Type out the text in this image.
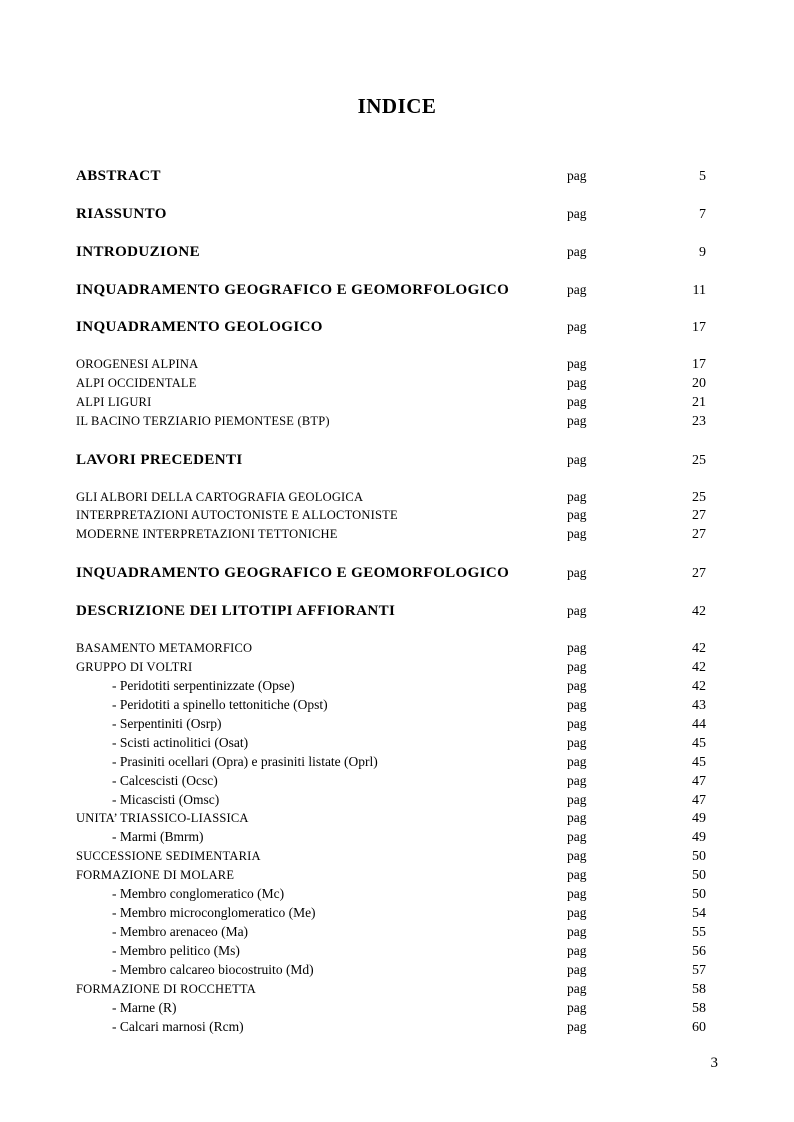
INDICE
ABSTRACT	pag	5
RIASSUNTO	pag	7
INTRODUZIONE	pag	9
INQUADRAMENTO GEOGRAFICO E GEOMORFOLOGICO	pag	11
INQUADRAMENTO GEOLOGICO	pag	17
OROGENESI ALPINA	pag	17
ALPI OCCIDENTALE	pag	20
ALPI LIGURI	pag	21
IL BACINO TERZIARIO PIEMONTESE (BTP)	pag	23
LAVORI PRECEDENTI	pag	25
GLI ALBORI DELLA CARTOGRAFIA GEOLOGICA	pag	25
INTERPRETAZIONI AUTOCTONISTE E ALLOCTONISTE	pag	27
MODERNE INTERPRETAZIONI TETTONICHE	pag	27
INQUADRAMENTO GEOGRAFICO E GEOMORFOLOGICO	pag	27
DESCRIZIONE DEI LITOTIPI AFFIORANTI	pag	42
BASAMENTO METAMORFICO	pag	42
GRUPPO DI VOLTRI	pag	42
- Peridotiti serpentinizzate (Opse)	pag	42
- Peridotiti a spinello tettonitiche (Opst)	pag	43
- Serpentiniti (Osrp)	pag	44
- Scisti actinolitici (Osat)	pag	45
- Prasiniti ocellari (Opra) e prasiniti listate (Oprl)	pag	45
- Calcescisti (Ocsc)	pag	47
- Micascisti (Omsc)	pag	47
UNITA’ TRIASSICO-LIASSICA	pag	49
- Marmi (Bmrm)	pag	49
SUCCESSIONE SEDIMENTARIA	pag	50
FORMAZIONE DI MOLARE	pag	50
- Membro conglomeratico (Mc)	pag	50
- Membro microconglomeratico (Me)	pag	54
- Membro arenaceo (Ma)	pag	55
- Membro pelitico (Ms)	pag	56
- Membro calcareo biocostruito (Md)	pag	57
FORMAZIONE DI ROCCHETTA	pag	58
- Marne (R)	pag	58
- Calcari marnosi (Rcm)	pag	60
3
